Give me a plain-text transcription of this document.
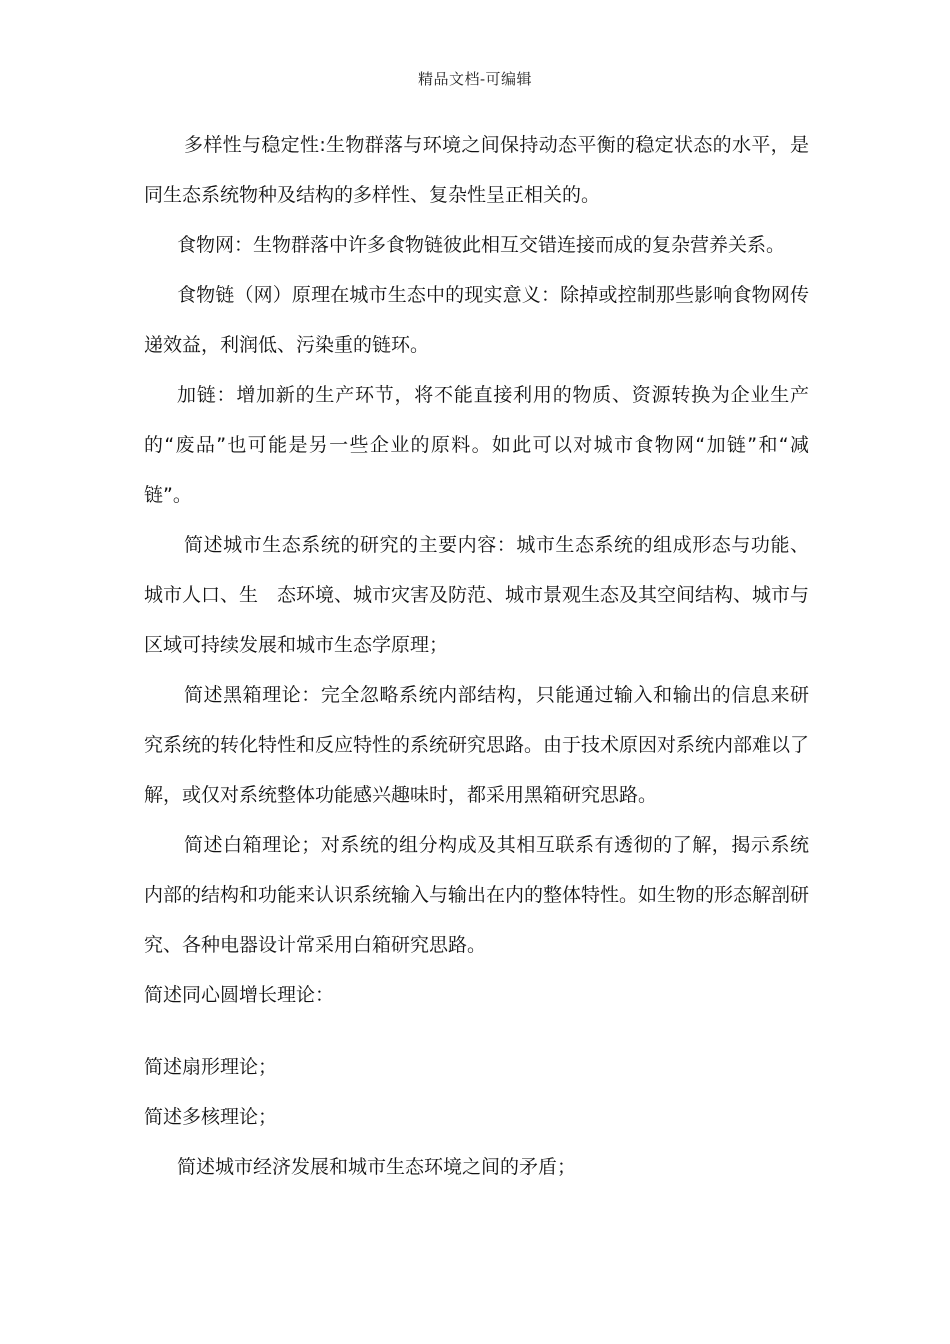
精品文档-可编辑

多样性与稳定性:生物群落与环境之间保持动态平衡的稳定状态的水平，是同生态系统物种及结构的多样性、复杂性呈正相关的。

食物网：生物群落中许多食物链彼此相互交错连接而成的复杂营养关系。

食物链（网）原理在城市生态中的现实意义：除掉或控制那些影响食物网传递效益，利润低、污染重的链环。

加链：增加新的生产环节，将不能直接利用的物质、资源转换为企业生产的“废品”也可能是另一些企业的原料。如此可以对城市食物网“加链”和“减链”。

简述城市生态系统的研究的主要内容：城市生态系统的组成形态与功能、城市人口、生　态环境、城市灾害及防范、城市景观生态及其空间结构、城市与区域可持续发展和城市生态学原理；

简述黑箱理论：完全忽略系统内部结构，只能通过输入和输出的信息来研究系统的转化特性和反应特性的系统研究思路。由于技术原因对系统内部难以了解，或仅对系统整体功能感兴趣味时，都采用黑箱研究思路。

简述白箱理论；对系统的组分构成及其相互联系有透彻的了解，揭示系统内部的结构和功能来认识系统输入与输出在内的整体特性。如生物的形态解剖研究、各种电器设计常采用白箱研究思路。

简述同心圆增长理论：

简述扇形理论；

简述多核理论；

简述城市经济发展和城市生态环境之间的矛盾；
